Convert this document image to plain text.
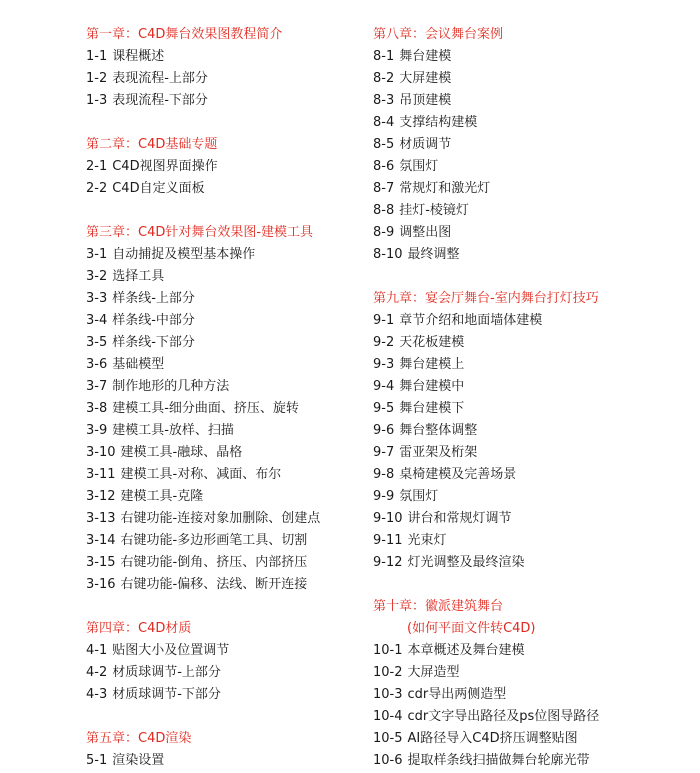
第一章：C4D舞台效果图教程简介
1-1 课程概述
1-2 表现流程-上部分
1-3 表现流程-下部分
第二章：C4D基础专题
2-1 C4D视图界面操作
2-2 C4D自定义面板
第三章：C4D针对舞台效果图-建模工具
3-1 自动捕捉及模型基本操作
3-2 选择工具
3-3 样条线-上部分
3-4 样条线-中部分
3-5 样条线-下部分
3-6 基础模型
3-7 制作地形的几种方法
3-8 建模工具-细分曲面、挤压、旋转
3-9 建模工具-放样、扫描
3-10 建模工具-融球、晶格
3-11 建模工具-对称、减面、布尔
3-12 建模工具-克隆
3-13 右键功能-连接对象加删除、创建点
3-14 右键功能-多边形画笔工具、切割
3-15 右键功能-倒角、挤压、内部挤压
3-16 右键功能-偏移、法线、断开连接
第四章：C4D材质
4-1 贴图大小及位置调节
4-2 材质球调节-上部分
4-3 材质球调节-下部分
第五章：C4D渲染
5-1 渲染设置
第八章：会议舞台案例
8-1 舞台建模
8-2 大屏建模
8-3 吊顶建模
8-4 支撑结构建模
8-5 材质调节
8-6 氛围灯
8-7 常规灯和激光灯
8-8 挂灯-棱镜灯
8-9 调整出图
8-10 最终调整
第九章：宴会厅舞台-室内舞台打灯技巧
9-1 章节介绍和地面墙体建模
9-2 天花板建模
9-3 舞台建模上
9-4 舞台建模中
9-5 舞台建模下
9-6 舞台整体调整
9-7 雷亚架及桁架
9-8 桌椅建模及完善场景
9-9 氛围灯
9-10 讲台和常规灯调节
9-11 光束灯
9-12 灯光调整及最终渲染
第十章：徽派建筑舞台
(如何平面文件转C4D)
10-1 本章概述及舞台建模
10-2 大屏造型
10-3 cdr导出两侧造型
10-4 cdr文字导出路径及ps位图导路径
10-5 AI路径导入C4D挤压调整贴图
10-6 提取样条线扫描做舞台轮廓光带
